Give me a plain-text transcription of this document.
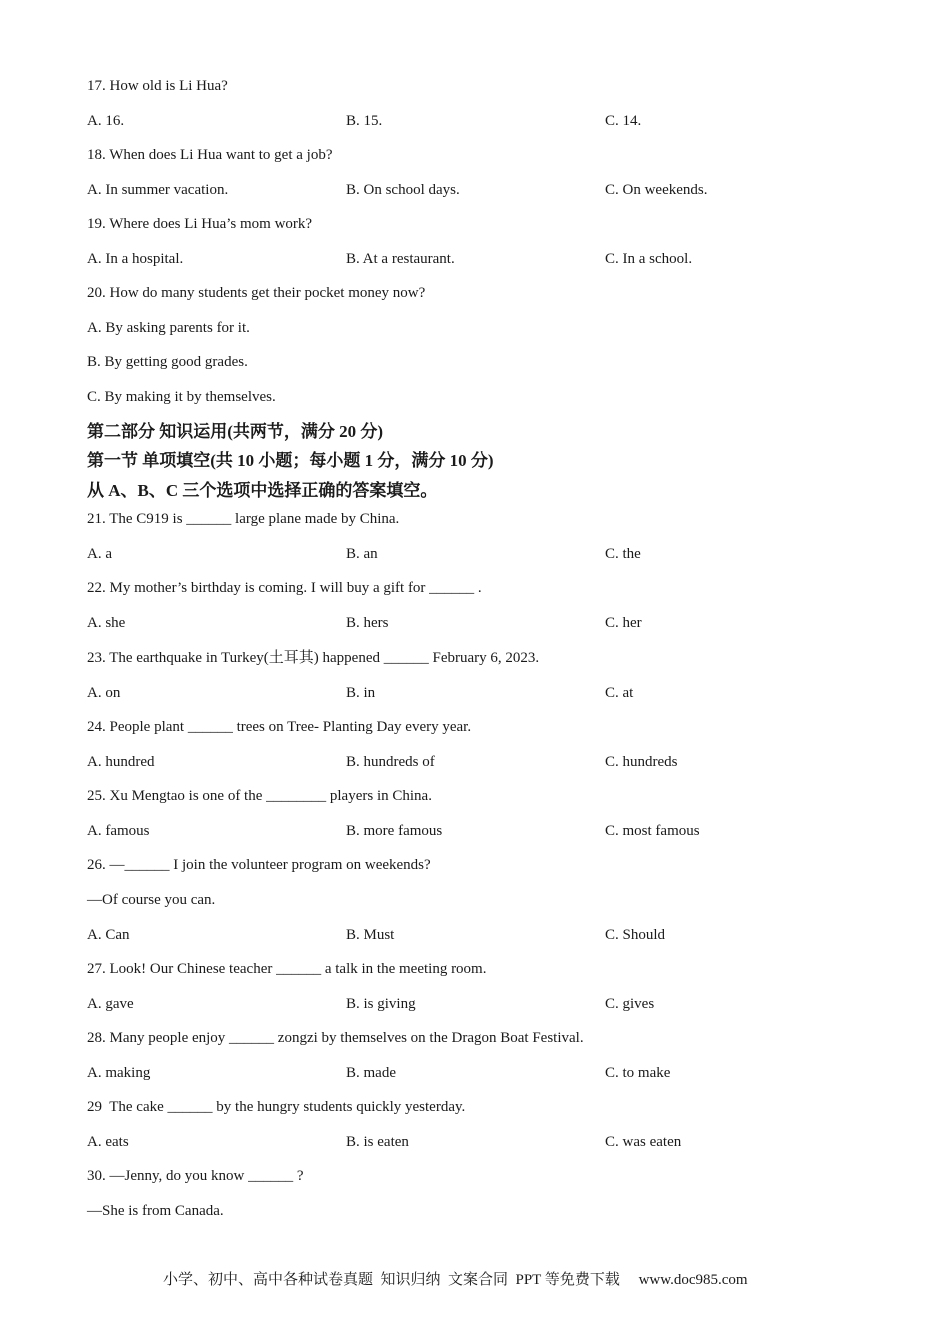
17. How old is Li Hua?
A. 16.	B. 15.	C. 14.
18. When does Li Hua want to get a job?
A. In summer vacation.	B. On school days.	C. On weekends.
19. Where does Li Hua’s mom work?
A. In a hospital.	B. At a restaurant.	C. In a school.
20. How do many students get their pocket money now?
A. By asking parents for it.
B. By getting good grades.
C. By making it by themselves.
第二部分 知识运用(共两节，满分 20 分)
第一节 单项填空(共 10 小题；每小题 1 分，满分 10 分)
从 A、B、C 三个选项中选择正确的答案填空。
21. The C919 is ______ large plane made by China.
A. a	B. an	C. the
22. My mother’s birthday is coming. I will buy a gift for ______ .
A. she	B. hers	C. her
23. The earthquake in Turkey(土耳其) happened ______ February 6, 2023.
A. on	B. in	C. at
24. People plant ______ trees on Tree- Planting Day every year.
A. hundred	B. hundreds of	C. hundreds
25. Xu Mengtao is one of the ________ players in China.
A. famous	B. more famous	C. most famous
26. —______ I join the volunteer program on weekends?
—Of course you can.
A. Can	B. Must	C. Should
27. Look! Our Chinese teacher ______ a talk in the meeting room.
A. gave	B. is giving	C. gives
28. Many people enjoy ______ zongzi by themselves on the Dragon Boat Festival.
A. making	B. made	C. to make
29  The cake ______ by the hungry students quickly yesterday.
A. eats	B. is eaten	C. was eaten
30. —Jenny, do you know ______ ?
—She is from Canada.
小学、初中、高中各种试卷真题  知识归纳  文案合同  PPT 等免费下载     www.doc985.com
